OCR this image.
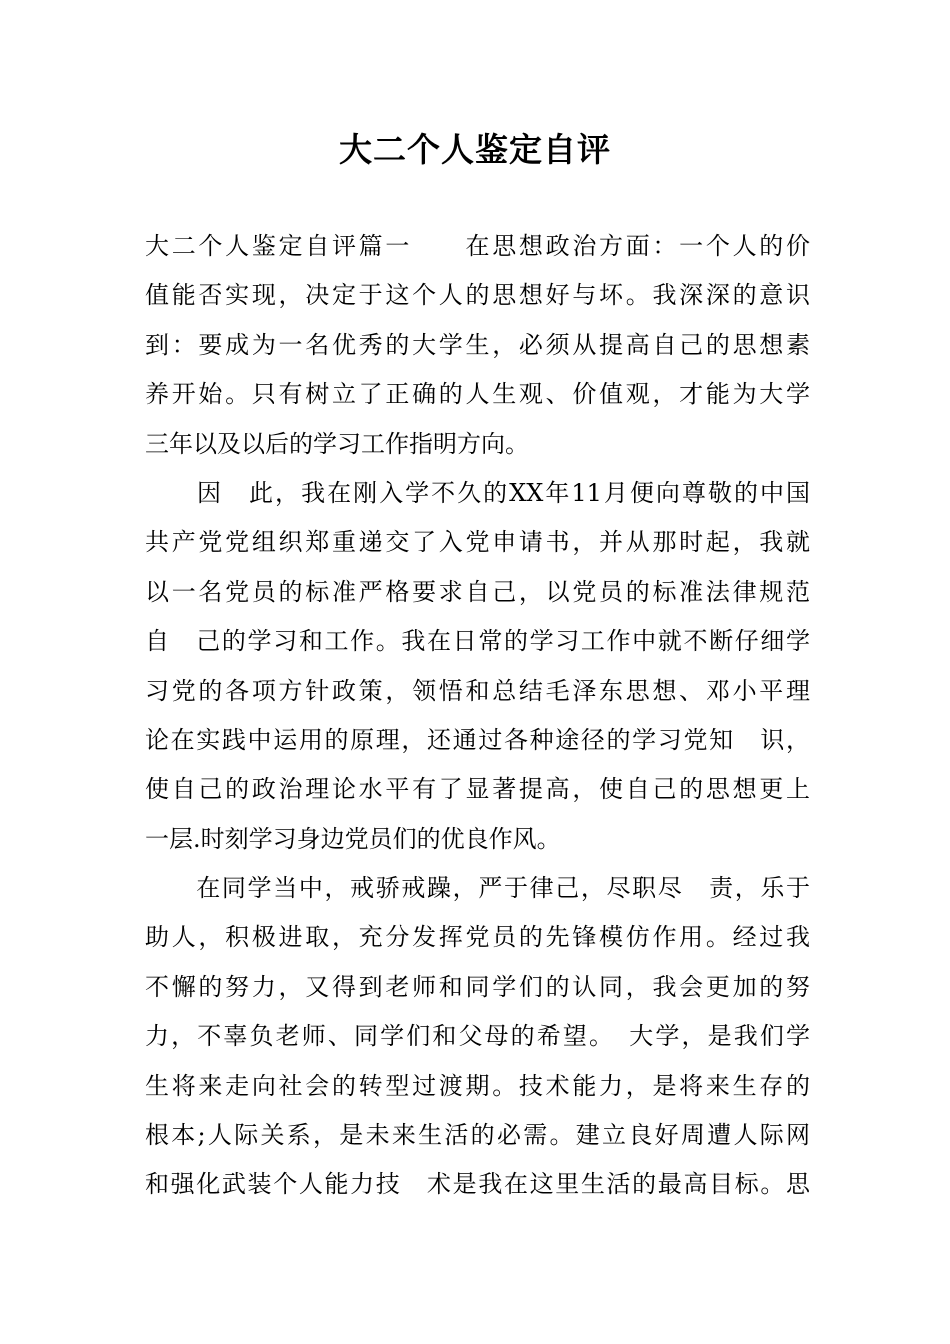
大二个人鉴定自评
大二个人鉴定自评篇一　　在思想政治方面：一个人的价
值能否实现，决定于这个人的思想好与坏。我深深的意识
到：要成为一名优秀的大学生，必须从提高自己的思想素
养开始。只有树立了正确的人生观、价值观，才能为大学
三年以及以后的学习工作指明方向。
　　因　此，我在刚入学不久的XX年11月便向尊敬的中国
共产党党组织郑重递交了入党申请书，并从那时起，我就
以一名党员的标准严格要求自己，以党员的标准法律规范
自　己的学习和工作。我在日常的学习工作中就不断仔细学
习党的各项方针政策，领悟和总结毛泽东思想、邓小平理
论在实践中运用的原理，还通过各种途径的学习党知　识，
使自己的政治理论水平有了显著提高，使自己的思想更上
一层.时刻学习身边党员们的优良作风。
　　在同学当中，戒骄戒躁，严于律己，尽职尽　责，乐于
助人，积极进取，充分发挥党员的先锋模仿作用。经过我
不懈的努力，又得到老师和同学们的认同，我会更加的努
力，不辜负老师、同学们和父母的希望。　大学，是我们学
生将来走向社会的转型过渡期。技术能力，是将来生存的
根本;人际关系，是未来生活的必需。建立良好周遭人际网
和强化武装个人能力技　术是我在这里生活的最高目标。思
